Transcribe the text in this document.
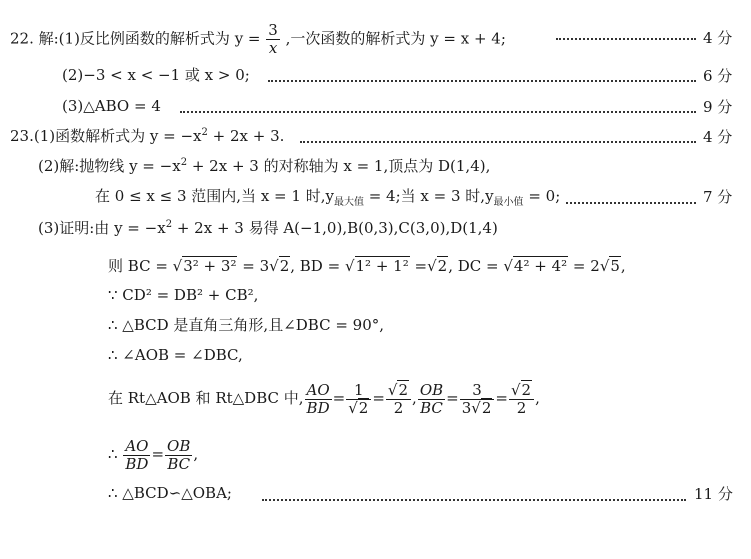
22. 解:(1)反比例函数的解析式为 $y = \frac{3}{x}$ ,一次函数的解析式为 y = x + 4;	4 分
(2)−3 < x < −1 或 x > 0;	6 分
(3)△ABO = 4	9 分
23.(1)函数解析式为 $y = -x^2 + 2x + 3$.	4 分
(2)解:抛物线 $y = -x^2 + 2x + 3$ 的对称轴为 x = 1,顶点为 D(1,4),
在 0 ≤ x ≤ 3 范围内,当 x = 1 时$,y_{最大值} = 4$;当 x = 3 时$,y_{最小值} = 0$;	7 分
(3)证明:由 $y = -x^2 + 2x + 3$ 易得 A(−1,0),B(0,3),C(3,0),D(1,4)
则 BC = √3² + 3² = 3√2, BD = √1² + 1² =√2, DC = √4² + 4² = 2√5,
∵ CD² = DB² + CB²,
∴ △BCD 是直角三角形,且∠DBC = 90°,
∴ ∠AOB = ∠DBC,
在 Rt△AOB 和 Rt△DBC 中, $\frac{AO}{BD} = \frac{1}{√2} = \frac{√2}{2}$ , $\frac{OB}{BC} = \frac{3}{3√2} = \frac{√2}{2}$ ,
∴ $\frac{AO}{BD} = \frac{OB}{BC}$ ,
∴ △BCD∽△OBA;	11 分
